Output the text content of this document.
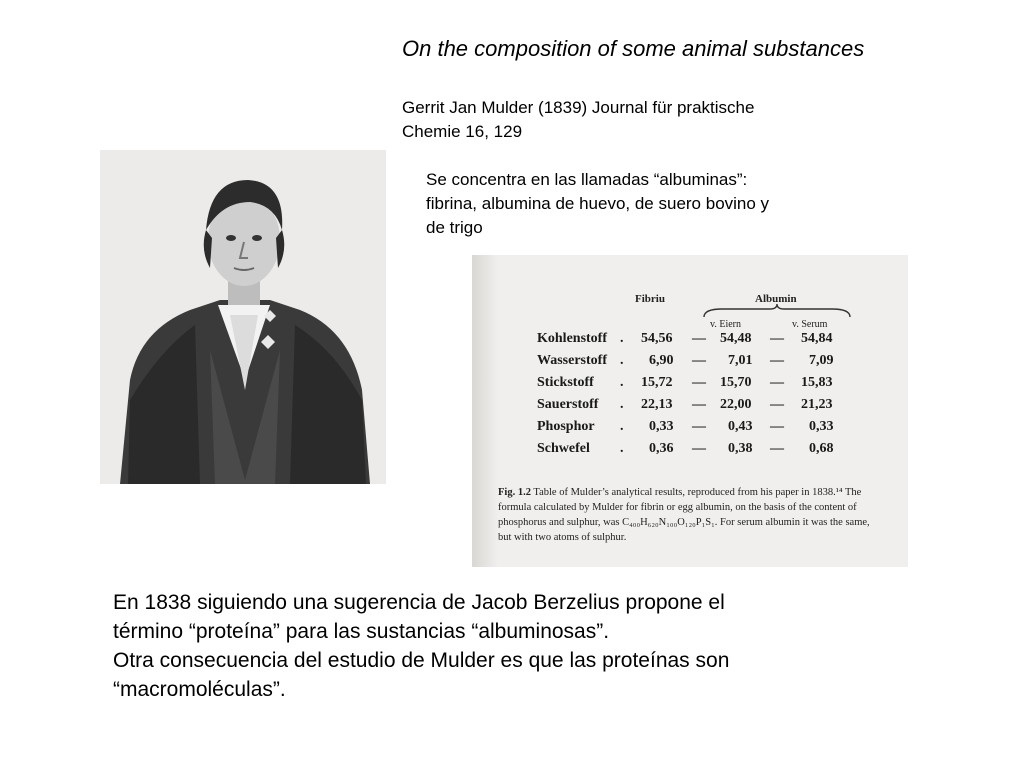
On the composition of some animal substances
Gerrit Jan Mulder (1839) Journal für praktische
Chemie 16, 129
Se concentra en las llamadas “albuminas”:
fibrina, albumina de huevo, de suero bovino y
de trigo
Fibriu	Albumin
v. Eiern	v. Serum
Kohlenstoff . 54,56 — 54,48 — 54,84
Wasserstoff . 6,90 — 7,01 — 7,09
Stickstoff . 15,72 — 15,70 — 15,83
Sauerstoff . 22,13 — 22,00 — 21,23
Phosphor . 0,33 — 0,43 — 0,33
Schwefel . 0,36 — 0,38 — 0,68
Fig. 1.2 Table of Mulder’s analytical results, reproduced from his paper in 1838.¹⁴ The
formula calculated by Mulder for fibrin or egg albumin, on the basis of the content of
phosphorus and sulphur, was C₄₀₀H₆₂₀N₁₀₀O₁₂₀P₁S₁. For serum albumin it was the same,
but with two atoms of sulphur.
En 1838 siguiendo una sugerencia de Jacob Berzelius propone el
término “proteína” para las sustancias “albuminosas”.
Otra consecuencia del estudio de Mulder es que las proteínas son
“macromoléculas”.
